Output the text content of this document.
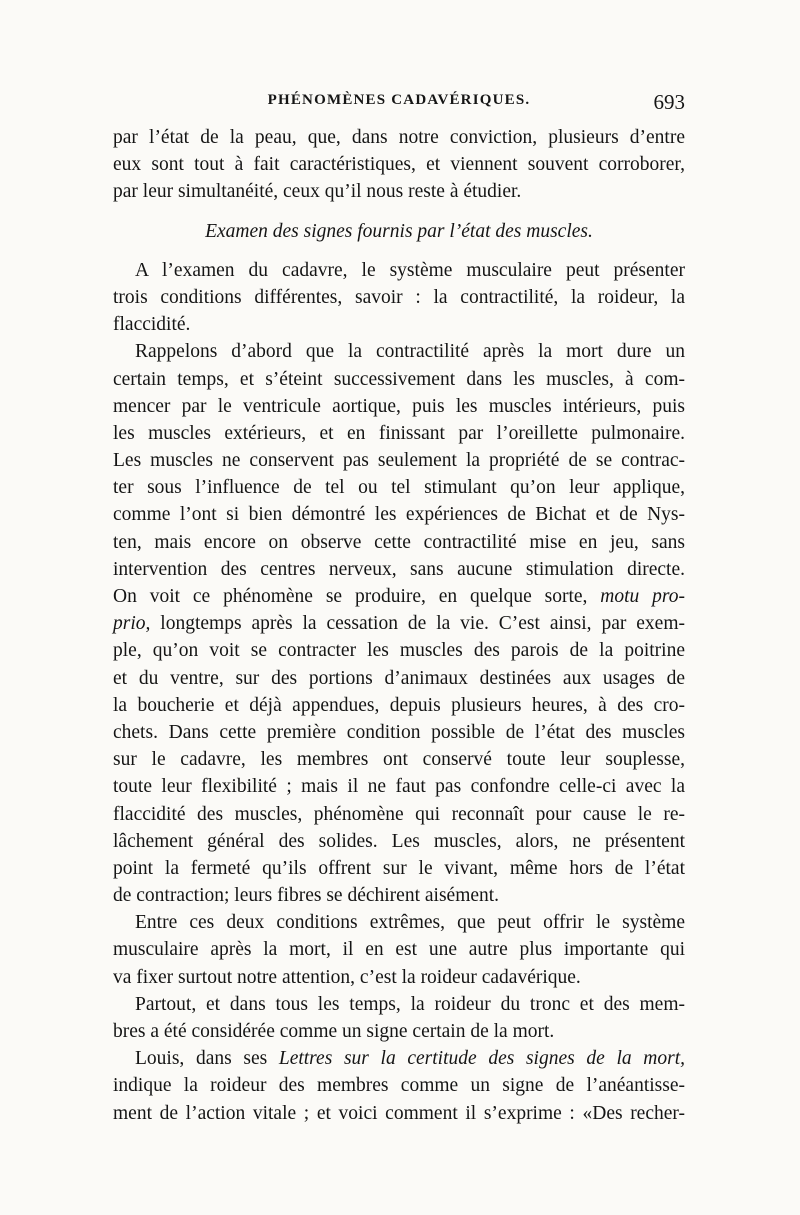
PHÉNOMÈNES CADAVÉRIQUES.	693
par l’état de la peau, que, dans notre conviction, plusieurs d’entre
eux sont tout à fait caractéristiques, et viennent souvent corroborer,
par leur simultanéité, ceux qu’il nous reste à étudier.
Examen des signes fournis par l’état des muscles.
A l’examen du cadavre, le système musculaire peut présenter
trois conditions différentes, savoir : la contractilité, la roideur, la
flaccidité.
Rappelons d’abord que la contractilité après la mort dure un
certain temps, et s’éteint successivement dans les muscles, à com-
mencer par le ventricule aortique, puis les muscles intérieurs, puis
les muscles extérieurs, et en finissant par l’oreillette pulmonaire.
Les muscles ne conservent pas seulement la propriété de se contrac-
ter sous l’influence de tel ou tel stimulant qu’on leur applique,
comme l’ont si bien démontré les expériences de Bichat et de Nys-
ten, mais encore on observe cette contractilité mise en jeu, sans
intervention des centres nerveux, sans aucune stimulation directe.
On voit ce phénomène se produire, en quelque sorte, motu pro-
prio, longtemps après la cessation de la vie. C’est ainsi, par exem-
ple, qu’on voit se contracter les muscles des parois de la poitrine
et du ventre, sur des portions d’animaux destinées aux usages de
la boucherie et déjà appendues, depuis plusieurs heures, à des cro-
chets. Dans cette première condition possible de l’état des muscles
sur le cadavre, les membres ont conservé toute leur souplesse,
toute leur flexibilité ; mais il ne faut pas confondre celle-ci avec la
flaccidité des muscles, phénomène qui reconnaît pour cause le re-
lâchement général des solides. Les muscles, alors, ne présentent
point la fermeté qu’ils offrent sur le vivant, même hors de l’état
de contraction; leurs fibres se déchirent aisément.
Entre ces deux conditions extrêmes, que peut offrir le système
musculaire après la mort, il en est une autre plus importante qui
va fixer surtout notre attention, c’est la roideur cadavérique.
Partout, et dans tous les temps, la roideur du tronc et des mem-
bres a été considérée comme un signe certain de la mort.
Louis, dans ses Lettres sur la certitude des signes de la mort,
indique la roideur des membres comme un signe de l’anéantisse-
ment de l’action vitale ; et voici comment il s’exprime : «Des recher-
